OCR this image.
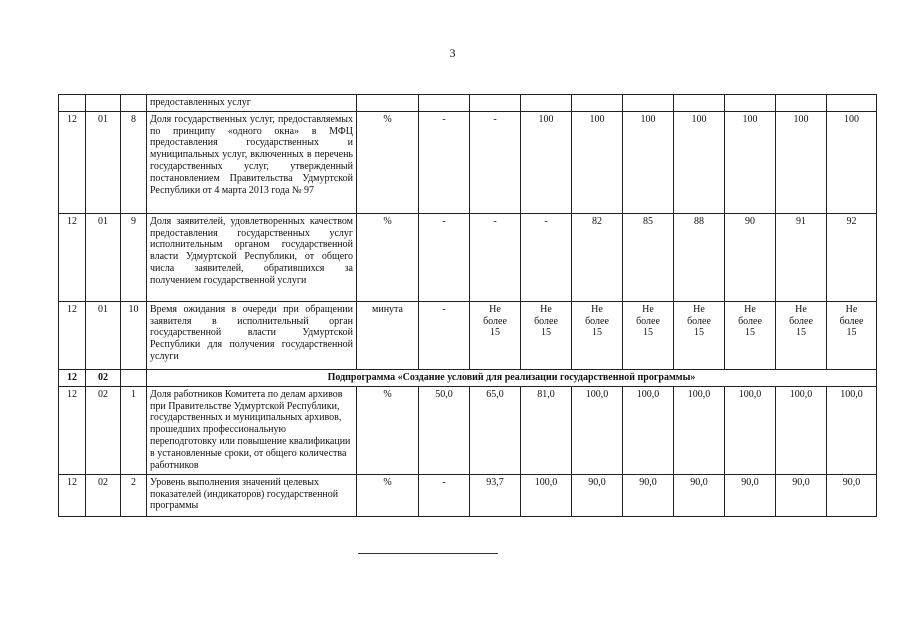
3
			предоставленных услуг										
12	01	8	Доля государственных услуг, предоставляемых по принципу «одного окна» в МФЦ предоставления государственных и муниципальных услуг, включенных в перечень государственных услуг, утвержденный постановлением Правительства Удмуртской Республики от 4 марта 2013 года № 97	%	-	-	100	100	100	100	100	100	100
12	01	9	Доля заявителей, удовлетворенных качеством предоставления государственных услуг исполнительным органом государственной власти Удмуртской Республики, от общего числа заявителей, обратившихся за получением государственной услуги	%	-	-	-	82	85	88	90	91	92
12	01	10	Время ожидания в очереди при обращении заявителя в исполнительный орган государственной власти Удмуртской Республики для получения государственной услуги	минута	-	Не
более
15	Не
более
15	Не
более
15	Не
более
15	Не
более
15	Не
более
15	Не
более
15	Не
более
15

12	02		Подпрограмма «Создание условий для реализации государственной программы»										
12	02	1	Доля работников Комитета по делам архивов при Правительстве Удмуртской Республики, государственных и муниципальных архивов, прошедших профессиональную переподготовку или повышение квалификации в установленные сроки, от общего количества работников	%	50,0	65,0	81,0	100,0	100,0	100,0	100,0	100,0	100,0
12	02	2	Уровень выполнения значений целевых показателей (индикаторов) государственной программы	%	-	93,7	100,0	90,0	90,0	90,0	90,0	90,0	90,0
